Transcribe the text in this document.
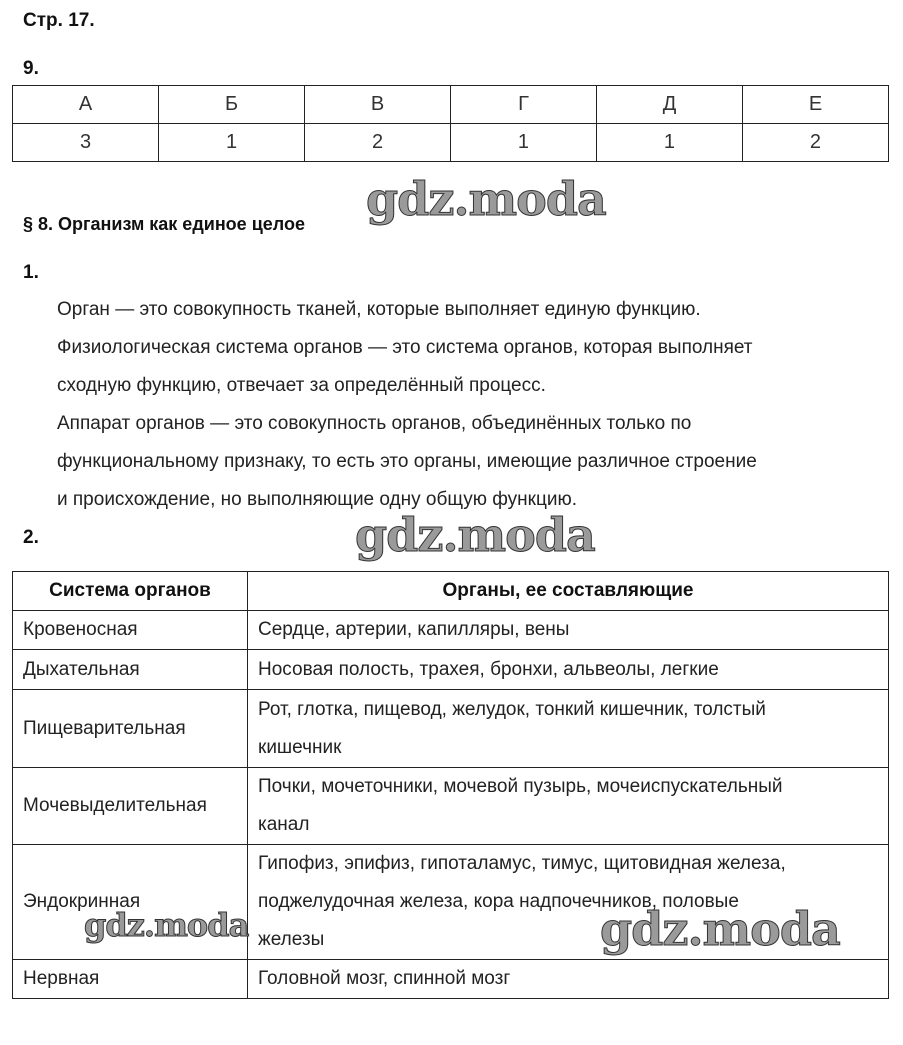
Стр. 17.
9.
А	Б	В	Г	Д	Е
3	1	2	1	1	2
§ 8. Организм как единое целое gdz.moda
1.
Орган — это совокупность тканей, которые выполняет единую функцию.
Физиологическая система органов — это система органов, которая выполняет
сходную функцию, отвечает за определённый процесс.
Аппарат органов — это совокупность органов, объединённых только по
функциональному признаку, то есть это органы, имеющие различное строение
и происхождение, но выполняющие одну общую функцию.
2.	gdz.moda
Система органов	Органы, ее составляющие
Кровеносная	Сердце, артерии, капилляры, вены

Дыхательная	Носовая полость, трахея, бронхи, альвеолы, легкие

Пищеварительная	Рот, глотка, пищевод, желудок, тонкий кишечник, толстый
кишечник

Мочевыделительная	Почки, мочеточники, мочевой пузырь, мочеиспускательный
канал

Эндокринная	Гипофиз, эпифиз, гипоталамус, тимус, щитовидная железа,
поджелудочная железа, кора надпочечников, половые
железы

Нервная	Головной мозг, спинной мозг
gdz.moda	gdz.moda
